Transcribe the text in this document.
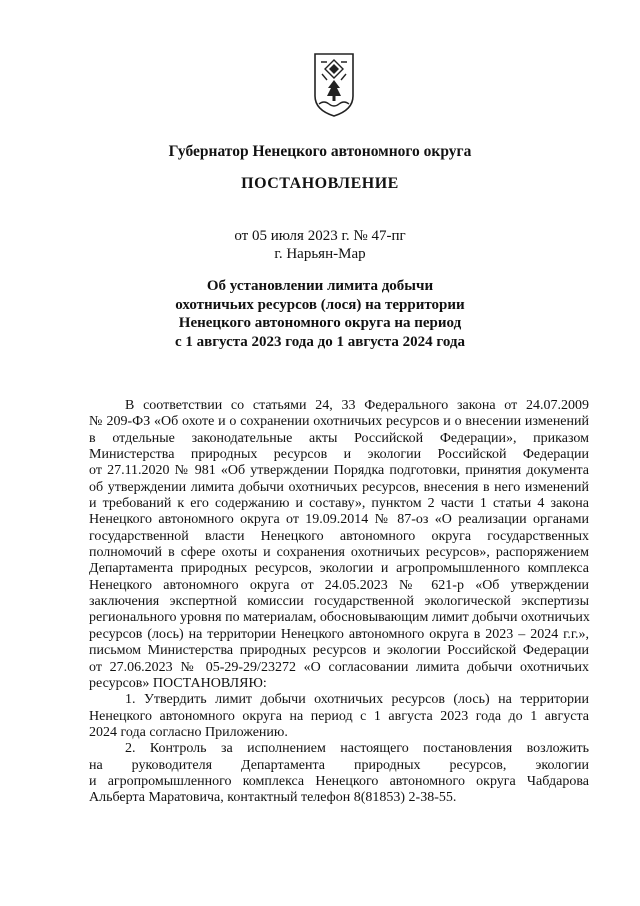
Губернатор Ненецкого автономного округа
ПОСТАНОВЛЕНИЕ
от 05 июля 2023 г. № 47-пг
г. Нарьян-Мар
Об установлении лимита добычи
охотничьих ресурсов (лося) на территории
Ненецкого автономного округа на период
с 1 августа 2023 года до 1 августа 2024 года
В соответствии со статьями 24, 33 Федерального закона от 24.07.2009
№ 209-ФЗ «Об охоте и о сохранении охотничьих ресурсов и о внесении изменений
в отдельные законодательные акты Российской Федерации», приказом
Министерства природных ресурсов и экологии Российской Федерации
от 27.11.2020 № 981 «Об утверждении Порядка подготовки, принятия документа
об утверждении лимита добычи охотничьих ресурсов, внесения в него изменений
и требований к его содержанию и составу», пунктом 2 части 1 статьи 4 закона
Ненецкого автономного округа от 19.09.2014 № 87-оз «О реализации органами
государственной власти Ненецкого автономного округа государственных
полномочий в сфере охоты и сохранения охотничьих ресурсов», распоряжением
Департамента природных ресурсов, экологии и агропромышленного комплекса
Ненецкого автономного округа от 24.05.2023 № 621-р «Об утверждении
заключения экспертной комиссии государственной экологической экспертизы
регионального уровня по материалам, обосновывающим лимит добычи охотничьих
ресурсов (лось) на территории Ненецкого автономного округа в 2023 – 2024 г.г.»,
письмом Министерства природных ресурсов и экологии Российской Федерации
от 27.06.2023 № 05-29-29/23272 «О согласовании лимита добычи охотничьих
ресурсов» ПОСТАНОВЛЯЮ:
1. Утвердить лимит добычи охотничьих ресурсов (лось) на территории
Ненецкого автономного округа на период с 1 августа 2023 года до 1 августа
2024 года согласно Приложению.
2. Контроль за исполнением настоящего постановления возложить
на руководителя Департамента природных ресурсов, экологии
и агропромышленного комплекса Ненецкого автономного округа Чабдарова
Альберта Маратовича, контактный телефон 8(81853) 2-38-55.
